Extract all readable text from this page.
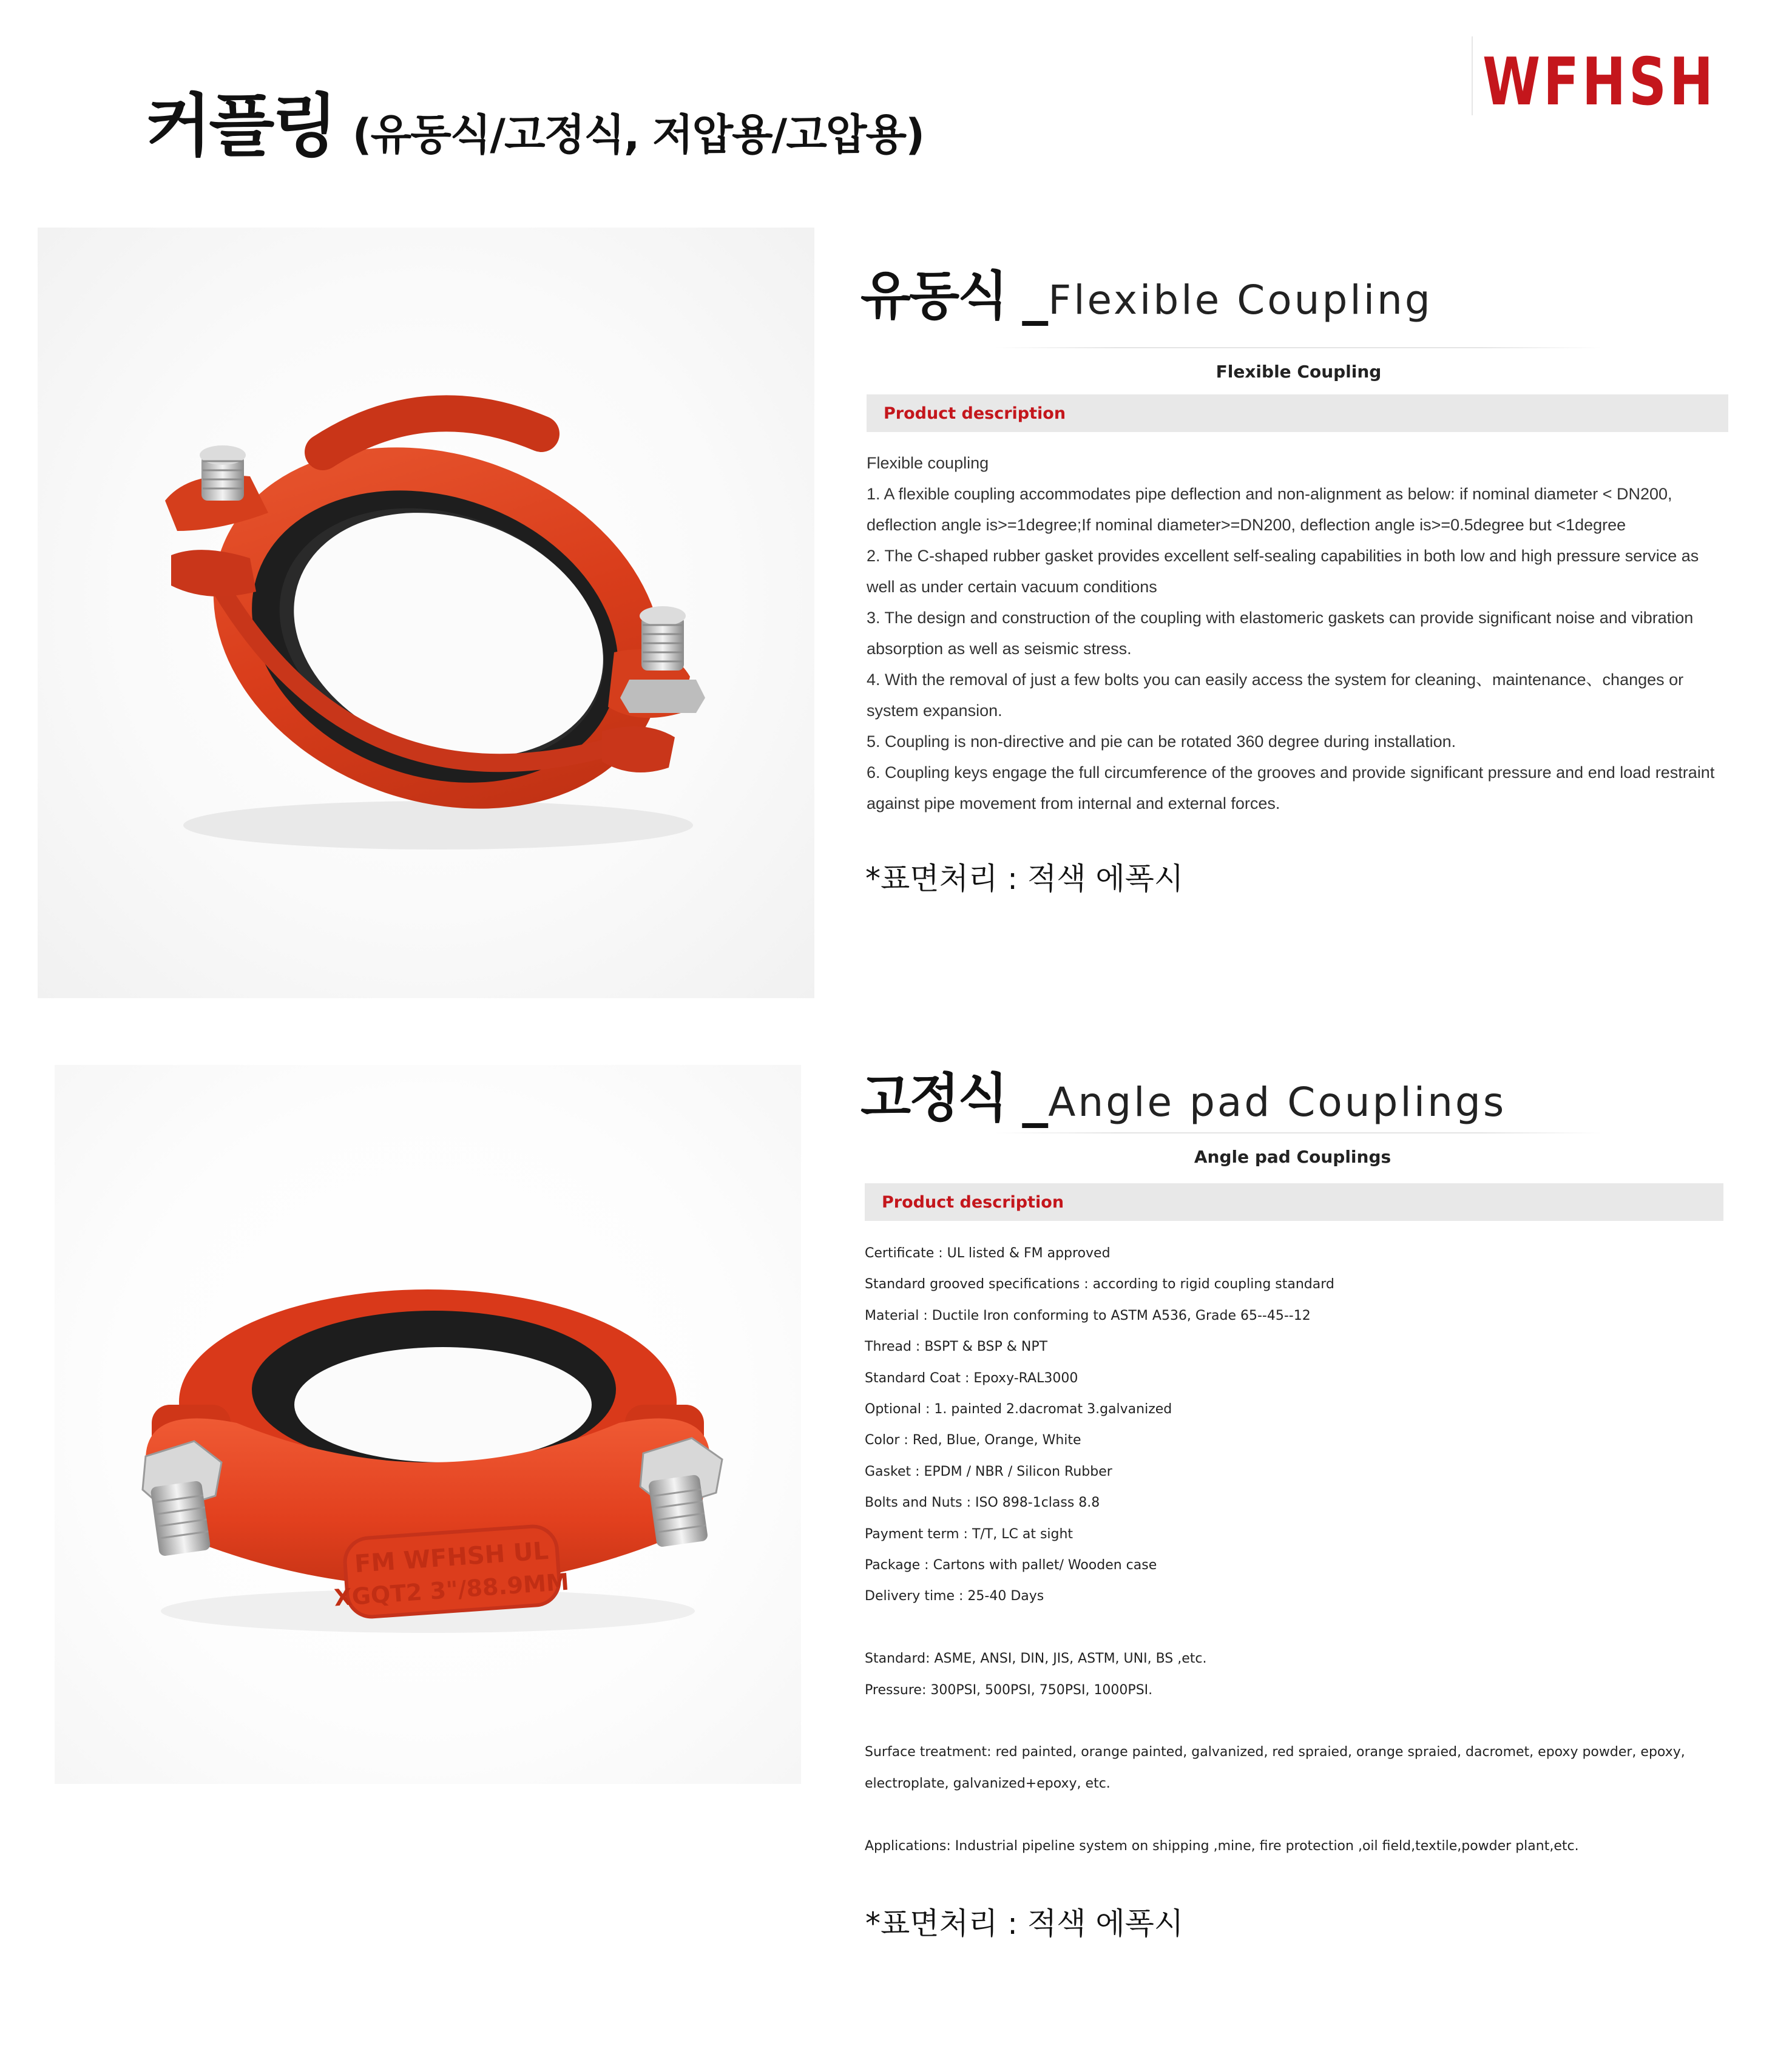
커플링 (유동식/고정식, 저압용/고압용)
WFHSH
유동식 _Flexible Coupling
Flexible Coupling
Product description

Flexible coupling

1. A flexible coupling accommodates pipe deflection and non-alignment as below: if nominal diameter < DN200, deflection angle is>=1degree;If nominal diameter>=DN200, deflection angle is>=0.5degree but <1degree

2. The C-shaped rubber gasket provides excellent self-sealing capabilities in both low and high pressure service as well as under certain vacuum conditions

3. The design and construction of the coupling with elastomeric gaskets can provide significant noise and vibration absorption as well as seismic stress.

4. With the removal of just a few bolts you can easily access the system for cleaning、maintenance、changes or system expansion.

5. Coupling is non-directive and pie can be rotated 360 degree during installation.

6. Coupling keys engage the full circumference of the grooves and provide significant pressure and end load restraint against pipe movement from internal and external forces.

*표면처리 : 적색 에폭시
FM WFHSH UL
XGQT2 3"/88.9MM
고정식 _Angle pad Couplings
Angle pad Couplings
Product description

Certificate : UL listed & FM approved

Standard grooved specifications : according to rigid coupling standard

Material : Ductile Iron conforming to ASTM A536, Grade 65--45--12

Thread : BSPT & BSP & NPT

Standard Coat : Epoxy-RAL3000

Optional : 1. painted 2.dacromat 3.galvanized

Color : Red, Blue, Orange, White

Gasket : EPDM / NBR / Silicon Rubber

Bolts and Nuts : ISO 898-1class 8.8

Payment term : T/T, LC at sight

Package : Cartons with pallet/ Wooden case

Delivery time : 25-40 Days

Standard: ASME, ANSI, DIN, JIS, ASTM, UNI, BS ,etc.

Pressure: 300PSI, 500PSI, 750PSI, 1000PSI.

Surface treatment: red painted, orange painted, galvanized, red spraied, orange spraied, dacromet, epoxy powder, epoxy, electroplate, galvanized+epoxy, etc.

Applications: Industrial pipeline system on shipping ,mine, fire protection ,oil field,textile,powder plant,etc.

*표면처리 : 적색 에폭시
